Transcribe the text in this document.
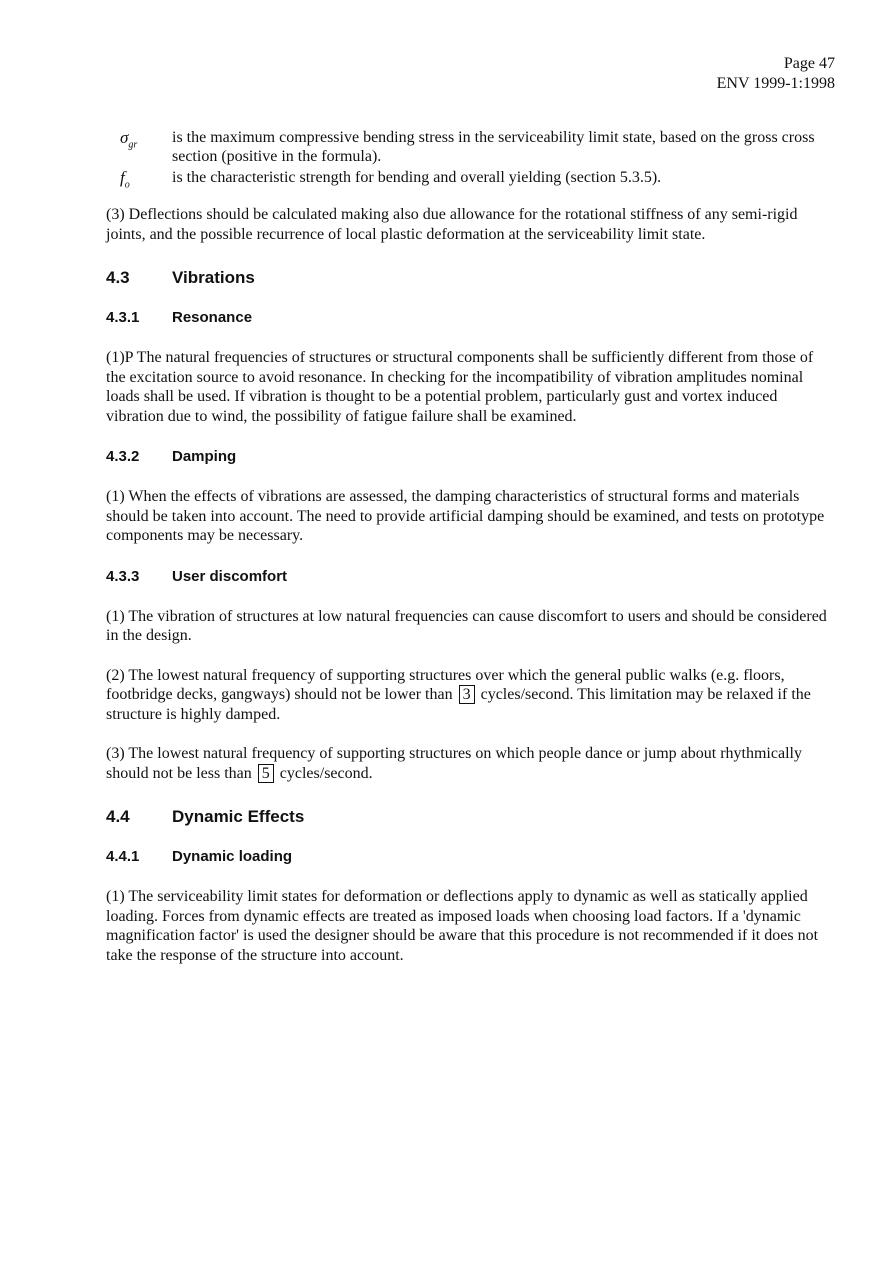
Page 47
ENV 1999-1:1998
$\sigma_{gr}$ is the maximum compressive bending stress in the serviceability limit state, based on the gross cross section (positive in the formula).
$f_o$	is the characteristic strength for bending and overall yielding (section 5.3.5).

(3) Deflections should be calculated making also due allowance for the rotational stiffness of any semi-rigid joints, and the possible recurrence of local plastic deformation at the serviceability limit state.

4.3	Vibrations
4.3.1	Resonance

(1)P The natural frequencies of structures or structural components shall be sufficiently different from those of the excitation source to avoid resonance. In checking for the incompatibility of vibration amplitudes nominal loads shall be used. If vibration is thought to be a potential problem, particularly gust and vortex induced vibration due to wind, the possibility of fatigue failure shall be examined.

4.3.2	Damping

(1) When the effects of vibrations are assessed, the damping characteristics of structural forms and materials should be taken into account. The need to provide artificial damping should be examined, and tests on prototype components may be necessary.

4.3.3	User discomfort

(1) The vibration of structures at low natural frequencies can cause discomfort to users and should be considered in the design.

(2) The lowest natural frequency of supporting structures over which the general public walks (e.g. floors, footbridge decks, gangways) should not be lower than 3 cycles/second. This limitation may be relaxed if the structure is highly damped.

(3) The lowest natural frequency of supporting structures on which people dance or jump about rhythmically should not be less than 5 cycles/second.

4.4	Dynamic Effects
4.4.1	Dynamic loading

(1) The serviceability limit states for deformation or deflections apply to dynamic as well as statically applied loading. Forces from dynamic effects are treated as imposed loads when choosing load factors. If a 'dynamic magnification factor' is used the designer should be aware that this procedure is not recommended if it does not take the response of the structure into account.
